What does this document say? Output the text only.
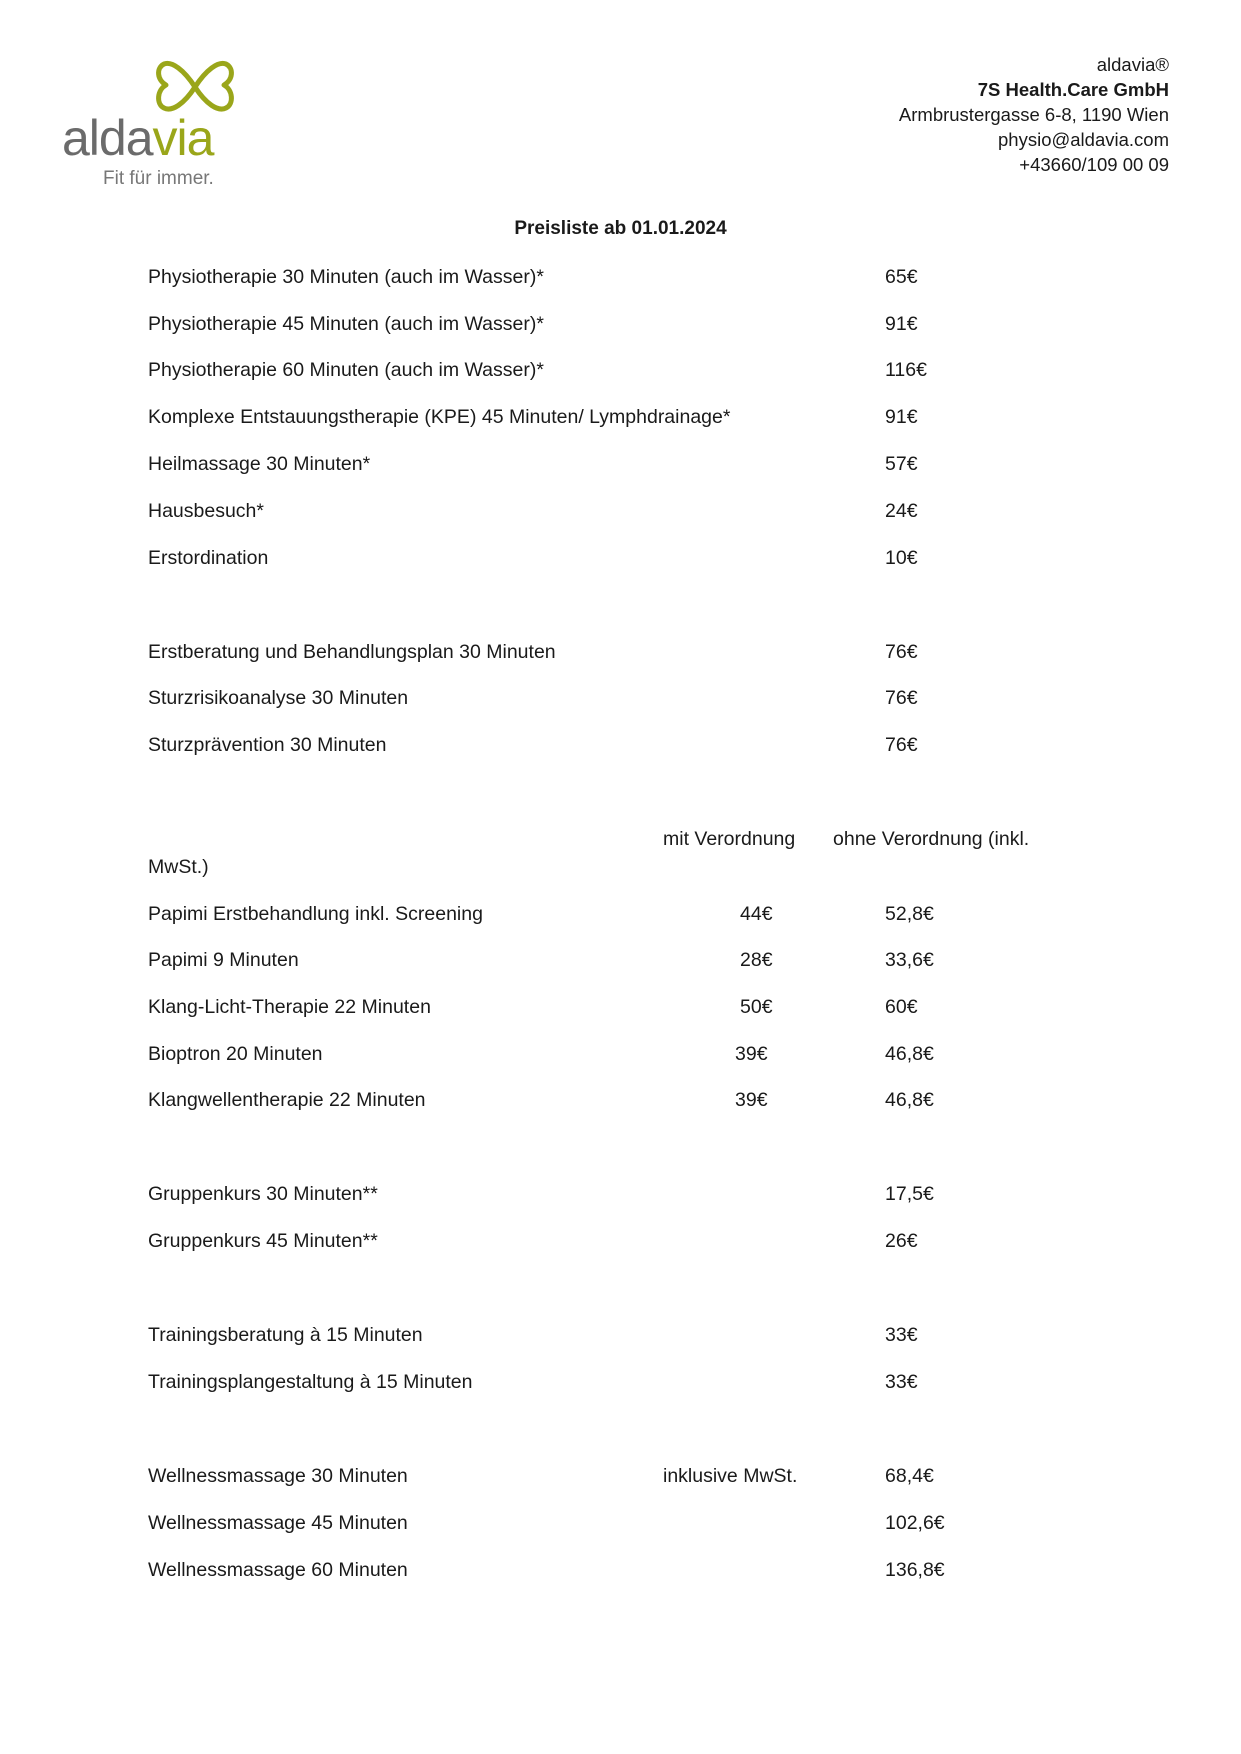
aldavia
Fit für immer.
aldavia®
7S Health.Care GmbH
Armbrustergasse 6-8, 1190 Wien
physio@aldavia.com
+43660/109 00 09
Preisliste ab 01.01.2024
Physiotherapie 30 Minuten (auch im Wasser)*	65€
Physiotherapie 45 Minuten (auch im Wasser)*	91€
Physiotherapie 60 Minuten (auch im Wasser)*	116€
Komplexe Entstauungstherapie (KPE) 45 Minuten/ Lymphdrainage*	91€
Heilmassage 30 Minuten*	57€
Hausbesuch*	24€
Erstordination	10€
Erstberatung und Behandlungsplan 30 Minuten	76€
Sturzrisikoanalyse 30 Minuten	76€
Sturzprävention 30 Minuten	76€
mit Verordnung ohne Verordnung (inkl.
MwSt.)
Papimi Erstbehandlung inkl. Screening	44€	52,8€
Papimi 9 Minuten	28€	33,6€
Klang-Licht-Therapie 22 Minuten	50€	60€
Bioptron 20 Minuten	39€	46,8€
Klangwellentherapie 22 Minuten	39€	46,8€
Gruppenkurs 30 Minuten**	17,5€
Gruppenkurs 45 Minuten**	26€
Trainingsberatung à 15 Minuten	33€
Trainingsplangestaltung à 15 Minuten	33€
Wellnessmassage 30 Minuten	inklusive MwSt.	68,4€
Wellnessmassage 45 Minuten	102,6€
Wellnessmassage 60 Minuten	136,8€
